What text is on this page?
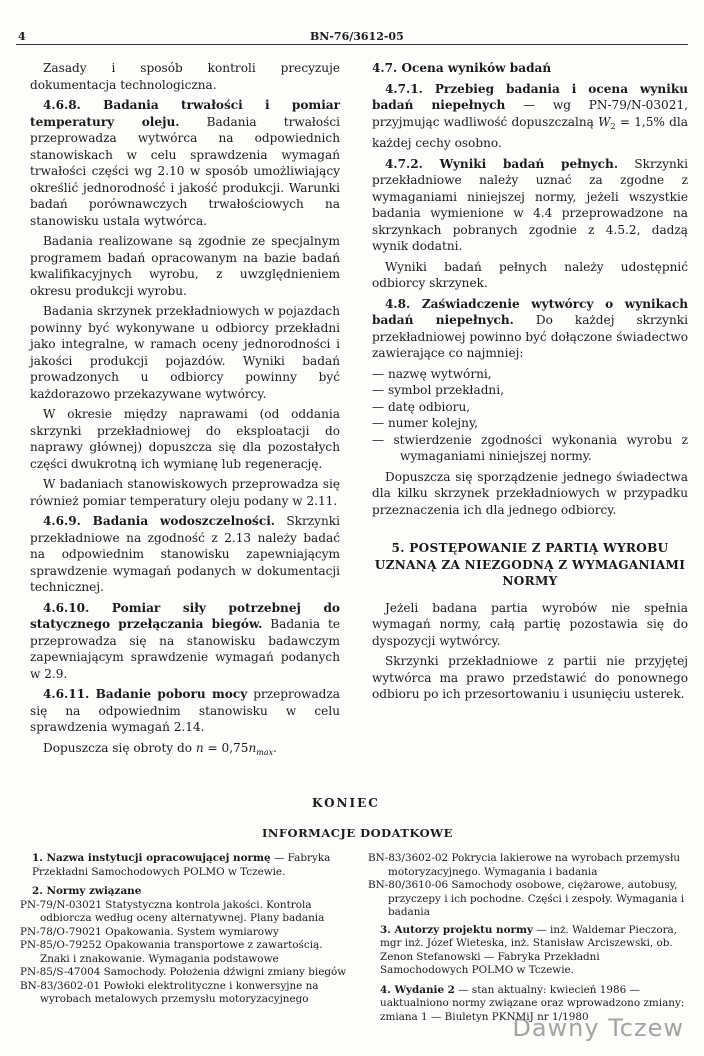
4	BN-76/3612-05

Zasady i sposób kontroli precyzuje dokumentacja technologiczna.

4.6.8. Badania trwałości i pomiar temperatury oleju. Badania trwałości przeprowadza wytwórca na odpowiednich stanowiskach w celu sprawdzenia wymagań trwałości części wg 2.10 w sposób umożliwiający określić jednorodność i jakość produkcji. Warunki badań porównawczych trwałościowych na stanowisku ustala wytwórca.

Badania realizowane są zgodnie ze specjalnym programem badań opracowanym na bazie badań kwalifikacyjnych wyrobu, z uwzględnieniem okresu produkcji wyrobu.

Badania skrzynek przekładniowych w pojazdach powinny być wykonywane u odbiorcy przekładni jako integralne, w ramach oceny jednorodności i jakości produkcji pojazdów. Wyniki badań prowadzonych u odbiorcy powinny być każdorazowo przekazywane wytwórcy.

W okresie między naprawami (od oddania skrzynki przekładniowej do eksploatacji do naprawy głównej) dopuszcza się dla pozostałych części dwukrotną ich wymianę lub regenerację.

W badaniach stanowiskowych przeprowadza się również pomiar temperatury oleju podany w 2.11.

4.6.9. Badania wodoszczelności. Skrzynki przekładniowe na zgodność z 2.13 należy badać na odpowiednim stanowisku zapewniającym sprawdzenie wymagań podanych w dokumentacji technicznej.

4.6.10. Pomiar siły potrzebnej do statycznego przełączania biegów. Badania te przeprowadza się na stanowisku badawczym zapewniającym sprawdzenie wymagań podanych w 2.9.

4.6.11. Badanie poboru mocy przeprowadza się na odpowiednim stanowisku w celu sprawdzenia wymagań 2.14.

Dopuszcza się obroty do $n = 0,75n_{max}$.

4.7. Ocena wyników badań

4.7.1. Przebieg badania i ocena wyniku badań niepełnych — wg PN-79/N-03021, przyjmując wadliwość dopuszczalną $W_2 = 1,5\%$ dla każdej cechy osobno.

4.7.2. Wyniki badań pełnych. Skrzynki przekładniowe należy uznać za zgodne z wymaganiami niniejszej normy, jeżeli wszystkie badania wymienione w 4.4 przeprowadzone na skrzynkach pobranych zgodnie z 4.5.2, dadzą wynik dodatni.

Wyniki badań pełnych należy udostępnić odbiorcy skrzynek.

4.8. Zaświadczenie wytwórcy o wynikach badań niepełnych. Do każdej skrzynki przekładniowej powinno być dołączone świadectwo zawierające co najmniej:

— nazwę wytwórni,
— symbol przekładni,
— datę odbioru,
— numer kolejny,
— stwierdzenie zgodności wykonania wyrobu z wymaganiami niniejszej normy.

Dopuszcza się sporządzenie jednego świadectwa dla kilku skrzynek przekładniowych w przypadku przeznaczenia ich dla jednego odbiorcy.

5. POSTĘPOWANIE Z PARTIĄ WYROBU UZNANĄ ZA NIEZGODNĄ Z WYMAGANIAMI NORMY

Jeżeli badana partia wyrobów nie spełnia wymagań normy, całą partię pozostawia się do dyspozycji wytwórcy.

Skrzynki przekładniowe z partii nie przyjętej wytwórca ma prawo przedstawić do ponownego odbioru po ich przesortowaniu i usunięciu usterek.

KONIEC
INFORMACJE DODATKOWE

1. Nazwa instytucji opracowującej normę — Fabryka Przekładni Samochodowych POLMO w Tczewie.

2. Normy związane

PN-79/N-03021 Statystyczna kontrola jakości. Kontrola odbiorcza według oceny alternatywnej. Plany badania
PN-78/O-79021 Opakowania. System wymiarowy
PN-85/O-79252 Opakowania transportowe z zawartością. Znaki i znakowanie. Wymagania podstawowe
PN-85/S-47004 Samochody. Położenia dźwigni zmiany biegów
BN-83/3602-01 Powłoki elektrolityczne i konwersyjne na wyrobach metalowych przemysłu motoryzacyjnego
BN-83/3602-02 Pokrycia lakierowe na wyrobach przemysłu motoryzacyjnego. Wymagania i badania
BN-80/3610-06 Samochody osobowe, ciężarowe, autobusy, przyczepy i ich pochodne. Części i zespoły. Wymagania i badania

3. Autorzy projektu normy — inż. Waldemar Pieczora, mgr inż. Józef Wieteska, inż. Stanisław Arciszewski, ob. Zenon Stefanowski — Fabryka Przekładni Samochodowych POLMO w Tczewie.

4. Wydanie 2 — stan aktualny: kwiecień 1986 — uaktualniono normy związane oraz wprowadzono zmiany: zmiana 1 — Biuletyn PKNMiJ nr 1/1980

Dawny Tczew
